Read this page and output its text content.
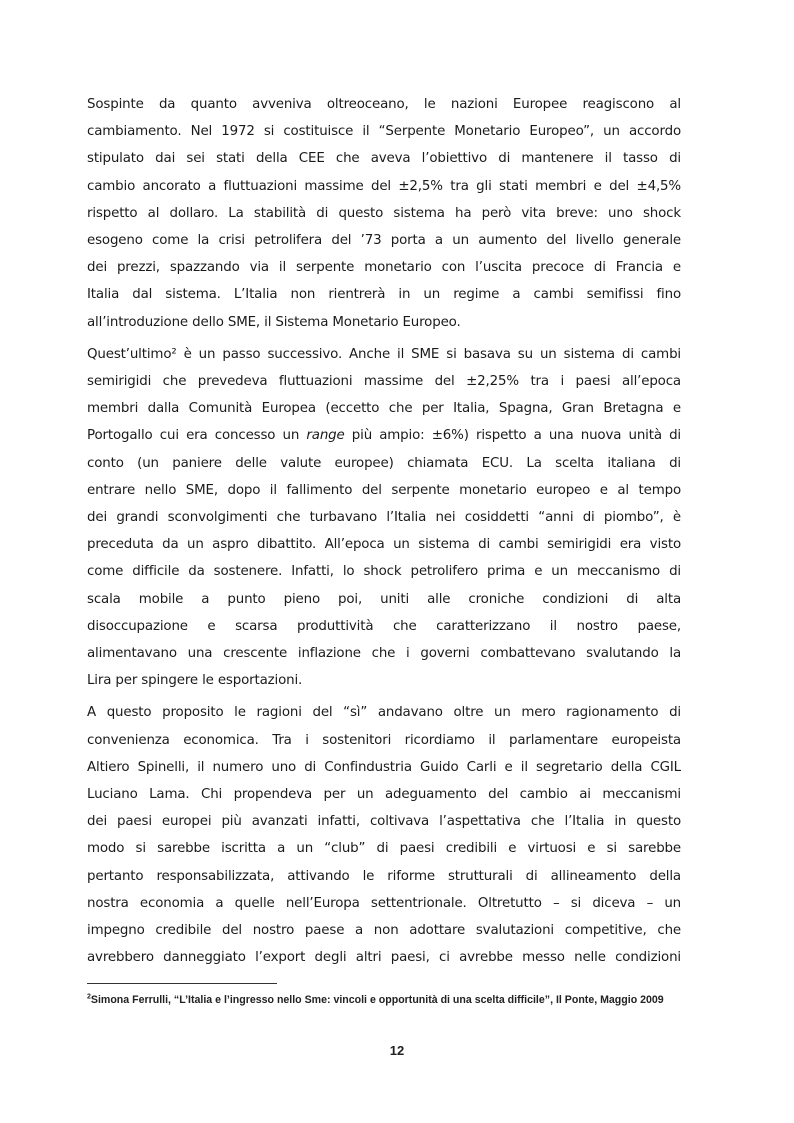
Sospinte da quanto avveniva oltreoceano, le nazioni Europee reagiscono al
cambiamento. Nel 1972 si costituisce il “Serpente Monetario Europeo”, un accordo
stipulato dai sei stati della CEE che aveva l’obiettivo di mantenere il tasso di
cambio ancorato a fluttuazioni massime del ±2,5% tra gli stati membri e del ±4,5%
rispetto al dollaro. La stabilità di questo sistema ha però vita breve: uno shock
esogeno come la crisi petrolifera del ’73 porta a un aumento del livello generale
dei prezzi, spazzando via il serpente monetario con l’uscita precoce di Francia e
Italia dal sistema. L’Italia non rientrerà in un regime a cambi semifissi fino
all’introduzione dello SME, il Sistema Monetario Europeo.
Quest’ultimo² è un passo successivo. Anche il SME si basava su un sistema di cambi
semirigidi che prevedeva fluttuazioni massime del ±2,25% tra i paesi all’epoca
membri dalla Comunità Europea (eccetto che per Italia, Spagna, Gran Bretagna e
Portogallo cui era concesso un range più ampio: ±6%) rispetto a una nuova unità di
conto (un paniere delle valute europee) chiamata ECU. La scelta italiana di
entrare nello SME, dopo il fallimento del serpente monetario europeo e al tempo
dei grandi sconvolgimenti che turbavano l’Italia nei cosiddetti “anni di piombo”, è
preceduta da un aspro dibattito. All’epoca un sistema di cambi semirigidi era visto
come difficile da sostenere. Infatti, lo shock petrolifero prima e un meccanismo di
scala mobile a punto pieno poi, uniti alle croniche condizioni di alta
disoccupazione e scarsa produttività che caratterizzano il nostro paese,
alimentavano una crescente inflazione che i governi combattevano svalutando la
Lira per spingere le esportazioni.
A questo proposito le ragioni del “sì” andavano oltre un mero ragionamento di
convenienza economica. Tra i sostenitori ricordiamo il parlamentare europeista
Altiero Spinelli, il numero uno di Confindustria Guido Carli e il segretario della CGIL
Luciano Lama. Chi propendeva per un adeguamento del cambio ai meccanismi
dei paesi europei più avanzati infatti, coltivava l’aspettativa che l’Italia in questo
modo si sarebbe iscritta a un “club” di paesi credibili e virtuosi e si sarebbe
pertanto responsabilizzata, attivando le riforme strutturali di allineamento della
nostra economia a quelle nell’Europa settentrionale. Oltretutto – si diceva – un
impegno credibile del nostro paese a non adottare svalutazioni competitive, che
avrebbero danneggiato l’export degli altri paesi, ci avrebbe messo nelle condizioni
$^2$Simona Ferrulli, “L’Italia e l’ingresso nello Sme: vincoli e opportunità di una scelta difficile”, Il Ponte, Maggio 2009
12
